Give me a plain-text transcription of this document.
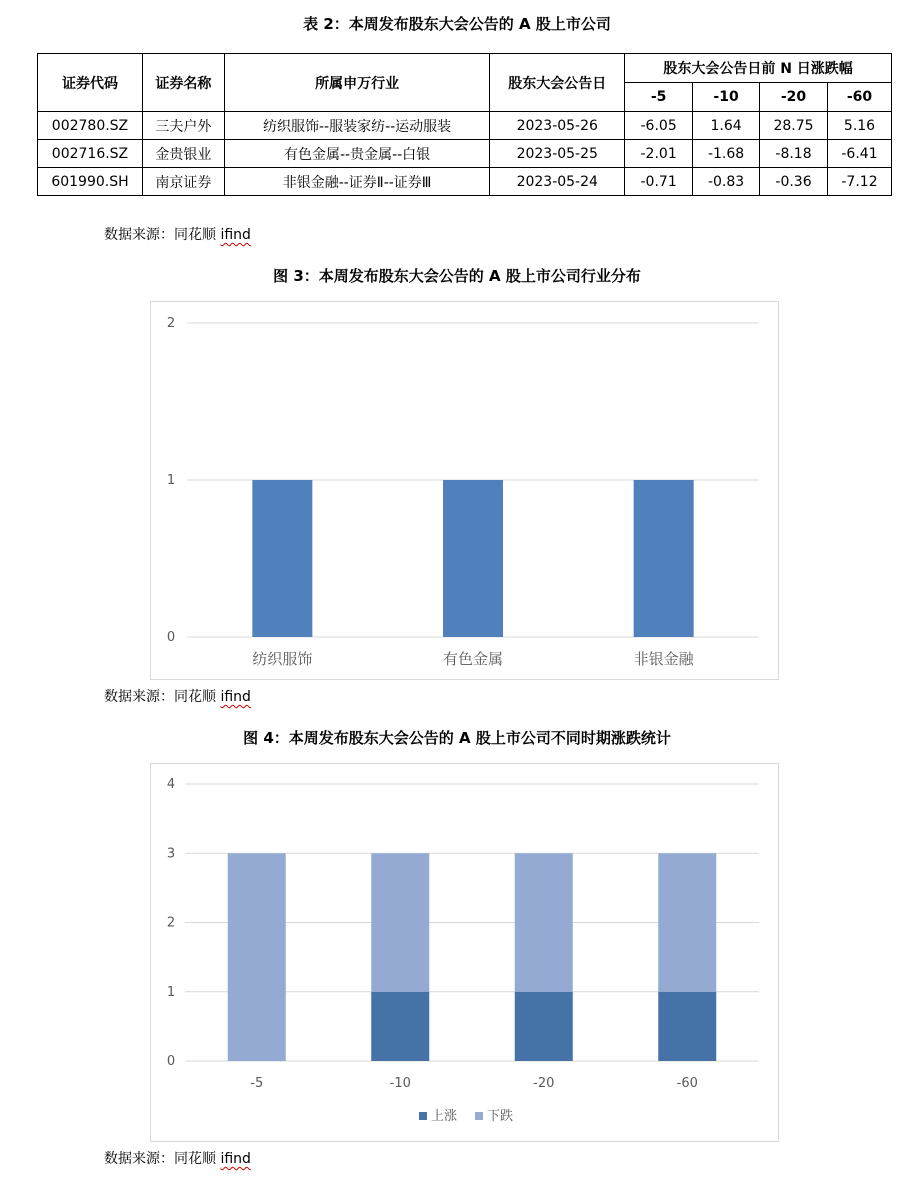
表 2：本周发布股东大会公告的 A 股上市公司
证券代码	证券名称	所属申万行业	股东大会公告日	股东大会公告日前 N 日涨跌幅			
				-5	-10	-20	-60
002780.SZ	三夫户外	纺织服饰--服装家纺--运动服装	2023-05-26	-6.05	1.64	28.75	5.16
002716.SZ	金贵银业	有色金属--贵金属--白银	2023-05-25	-2.01	-1.68	-8.18	-6.41
601990.SH	南京证券	非银金融--证券Ⅱ--证券Ⅲ	2023-05-24	-0.71	-0.83	-0.36	-7.12
数据来源：同花顺 ifind
图 3：本周发布股东大会公告的 A 股上市公司行业分布
0
1
2
纺织服饰	有色金属	非银金融
数据来源：同花顺 ifind
图 4：本周发布股东大会公告的 A 股上市公司不同时期涨跌统计
0
1
2
3
4
-5	-10	-20	-60
上涨 下跌
数据来源：同花顺 ifind
